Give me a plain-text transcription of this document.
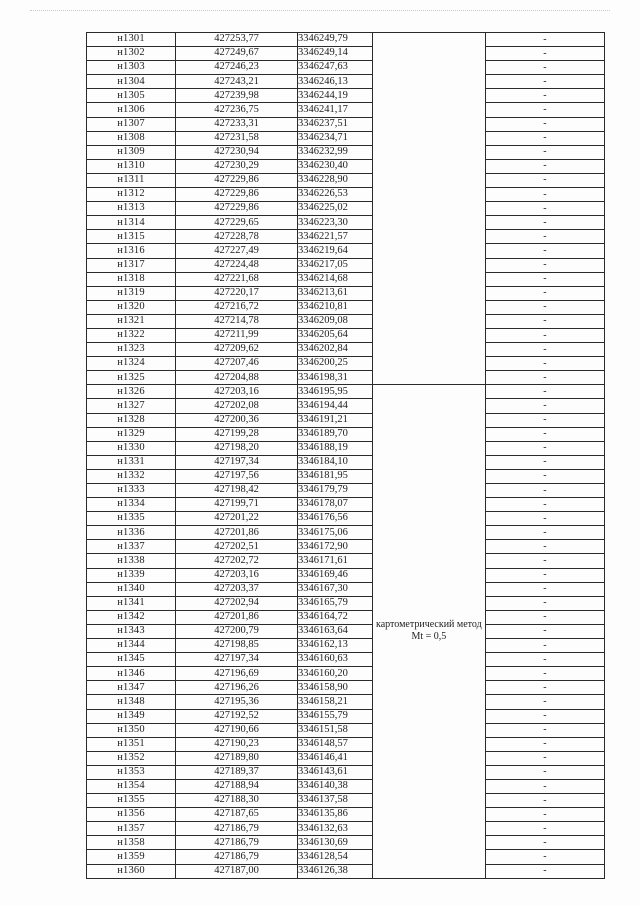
н1301	427253,77	3346249,79		-
н1302	427249,67	3346249,14		-
н1303	427246,23	3346247,63		-
н1304	427243,21	3346246,13		-
н1305	427239,98	3346244,19		-
н1306	427236,75	3346241,17		-
н1307	427233,31	3346237,51		-
н1308	427231,58	3346234,71		-
н1309	427230,94	3346232,99		-
н1310	427230,29	3346230,40		-
н1311	427229,86	3346228,90		-
н1312	427229,86	3346226,53		-
н1313	427229,86	3346225,02		-
н1314	427229,65	3346223,30		-
н1315	427228,78	3346221,57		-
н1316	427227,49	3346219,64		-
н1317	427224,48	3346217,05		-
н1318	427221,68	3346214,68		-
н1319	427220,17	3346213,61		-
н1320	427216,72	3346210,81		-
н1321	427214,78	3346209,08		-
н1322	427211,99	3346205,64		-
н1323	427209,62	3346202,84		-
н1324	427207,46	3346200,25		-
н1325	427204,88	3346198,31		-
н1326	427203,16	3346195,95	картометрический метод Mt = 0,5	-
н1327	427202,08	3346194,44		-
н1328	427200,36	3346191,21		-
н1329	427199,28	3346189,70		-
н1330	427198,20	3346188,19		-
н1331	427197,34	3346184,10		-
н1332	427197,56	3346181,95		-
н1333	427198,42	3346179,79		-
н1334	427199,71	3346178,07		-
н1335	427201,22	3346176,56		-
н1336	427201,86	3346175,06		-
н1337	427202,51	3346172,90		-
н1338	427202,72	3346171,61		-
н1339	427203,16	3346169,46		-
н1340	427203,37	3346167,30		-
н1341	427202,94	3346165,79		-
н1342	427201,86	3346164,72		-
н1343	427200,79	3346163,64		-
н1344	427198,85	3346162,13		-
н1345	427197,34	3346160,63		-
н1346	427196,69	3346160,20		-
н1347	427196,26	3346158,90		-
н1348	427195,36	3346158,21		-
н1349	427192,52	3346155,79		-
н1350	427190,66	3346151,58		-
н1351	427190,23	3346148,57		-
н1352	427189,80	3346146,41		-
н1353	427189,37	3346143,61		-
н1354	427188,94	3346140,38		-
н1355	427188,30	3346137,58		-
н1356	427187,65	3346135,86		-
н1357	427186,79	3346132,63		-
н1358	427186,79	3346130,69		-
н1359	427186,79	3346128,54		-
н1360	427187,00	3346126,38		-
